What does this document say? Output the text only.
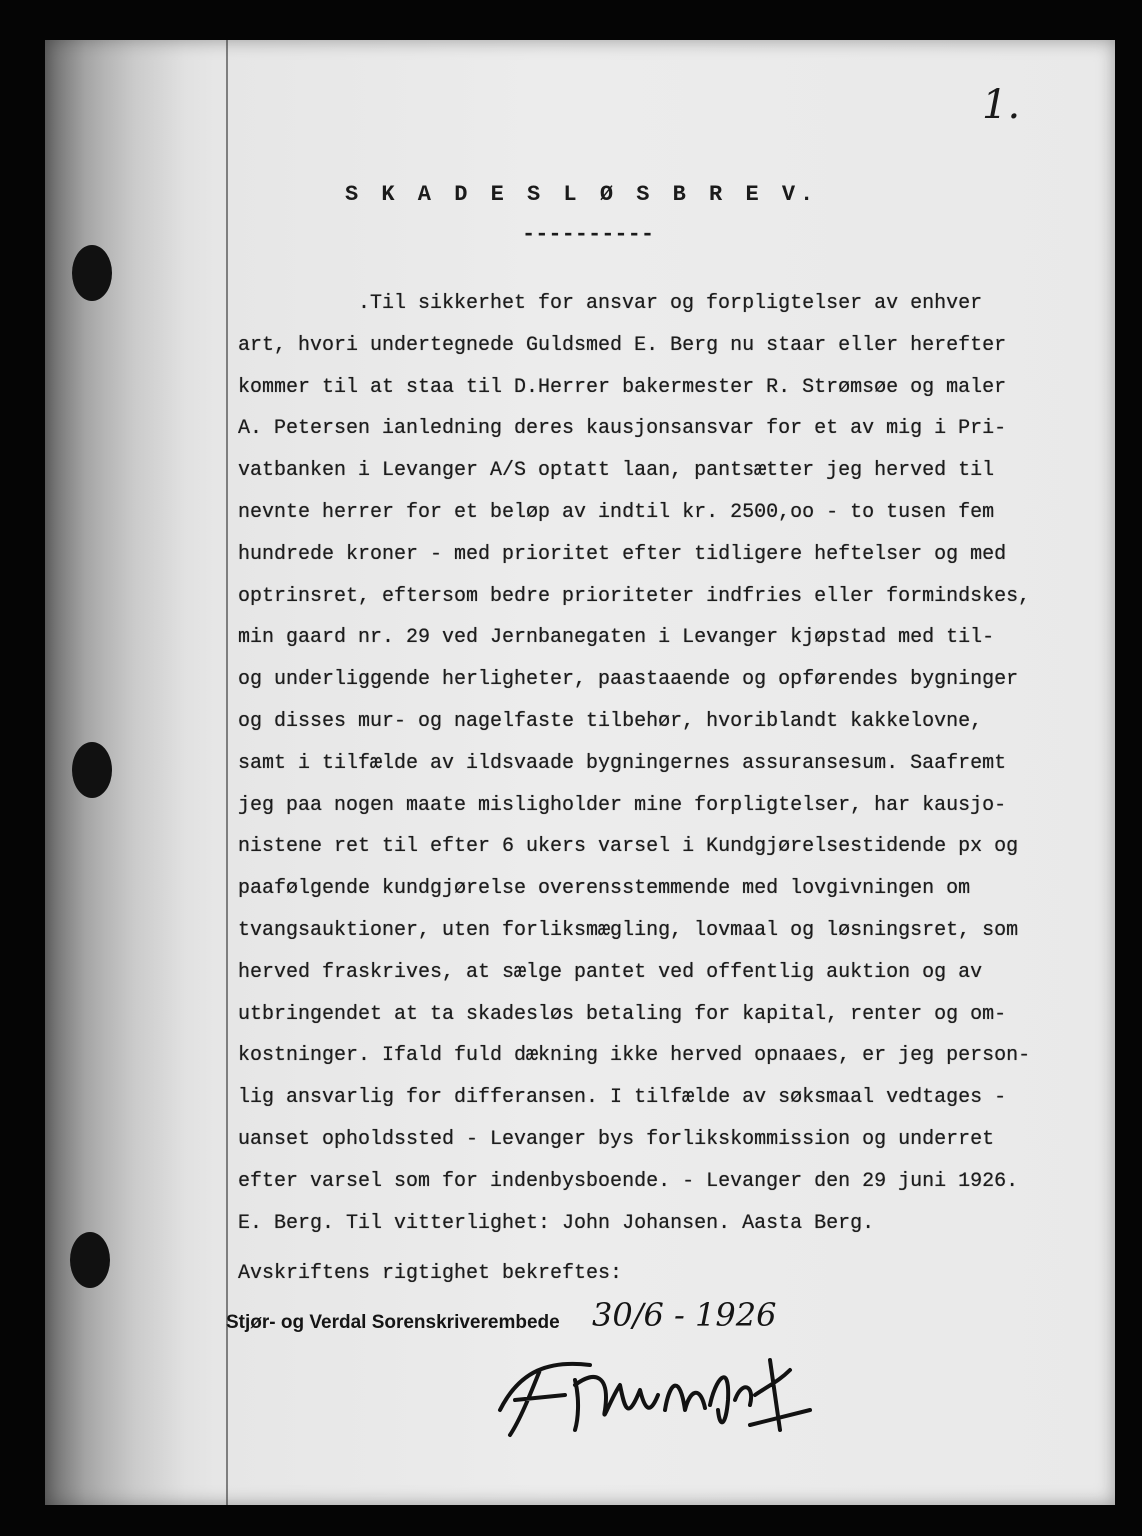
1.
S K A D E S L Ø S B R E V.
----------
.Til sikkerhet for ansvar og forpligtelser av enhver
art, hvori undertegnede Guldsmed E. Berg nu staar eller herefter
kommer til at staa til D.Herrer bakermester R. Strømsøe og maler
A. Petersen ianledning deres kausjonsansvar for et av mig i Pri-
vatbanken i Levanger A/S optatt laan, pantsætter jeg herved til
nevnte herrer for et beløp av indtil kr. 2500,oo - to tusen fem
hundrede kroner - med prioritet efter tidligere heftelser og med
optrinsret, eftersom bedre prioriteter indfries eller formindskes,
min gaard nr. 29 ved Jernbanegaten i Levanger kjøpstad med til-
og underliggende herligheter, paastaaende og opførendes bygninger
og disses mur- og nagelfaste tilbehør, hvoriblandt kakkelovne,
samt i tilfælde av ildsvaade bygningernes assuransesum. Saafremt
jeg paa nogen maate misligholder mine forpligtelser, har kausjo-
nistene ret til efter 6 ukers varsel i Kundgjørelsestidende px og
paafølgende kundgjørelse overensstemmende med lovgivningen om
tvangsauktioner, uten forliksmægling, lovmaal og løsningsret, som
herved fraskrives, at sælge pantet ved offentlig auktion og av
utbringendet at ta skadesløs betaling for kapital, renter og om-
kostninger. Ifald fuld dækning ikke herved opnaaes, er jeg person-
lig ansvarlig for differansen. I tilfælde av søksmaal vedtages -
uanset opholdssted - Levanger bys forlikskommission og underret
efter varsel som for indenbysboende. - Levanger den 29 juni 1926.
E. Berg. Til vitterlighet: John Johansen. Aasta Berg.
Avskriftens rigtighet bekreftes:
Stjør- og Verdal Sorenskriverembede 30/6 - 1926
